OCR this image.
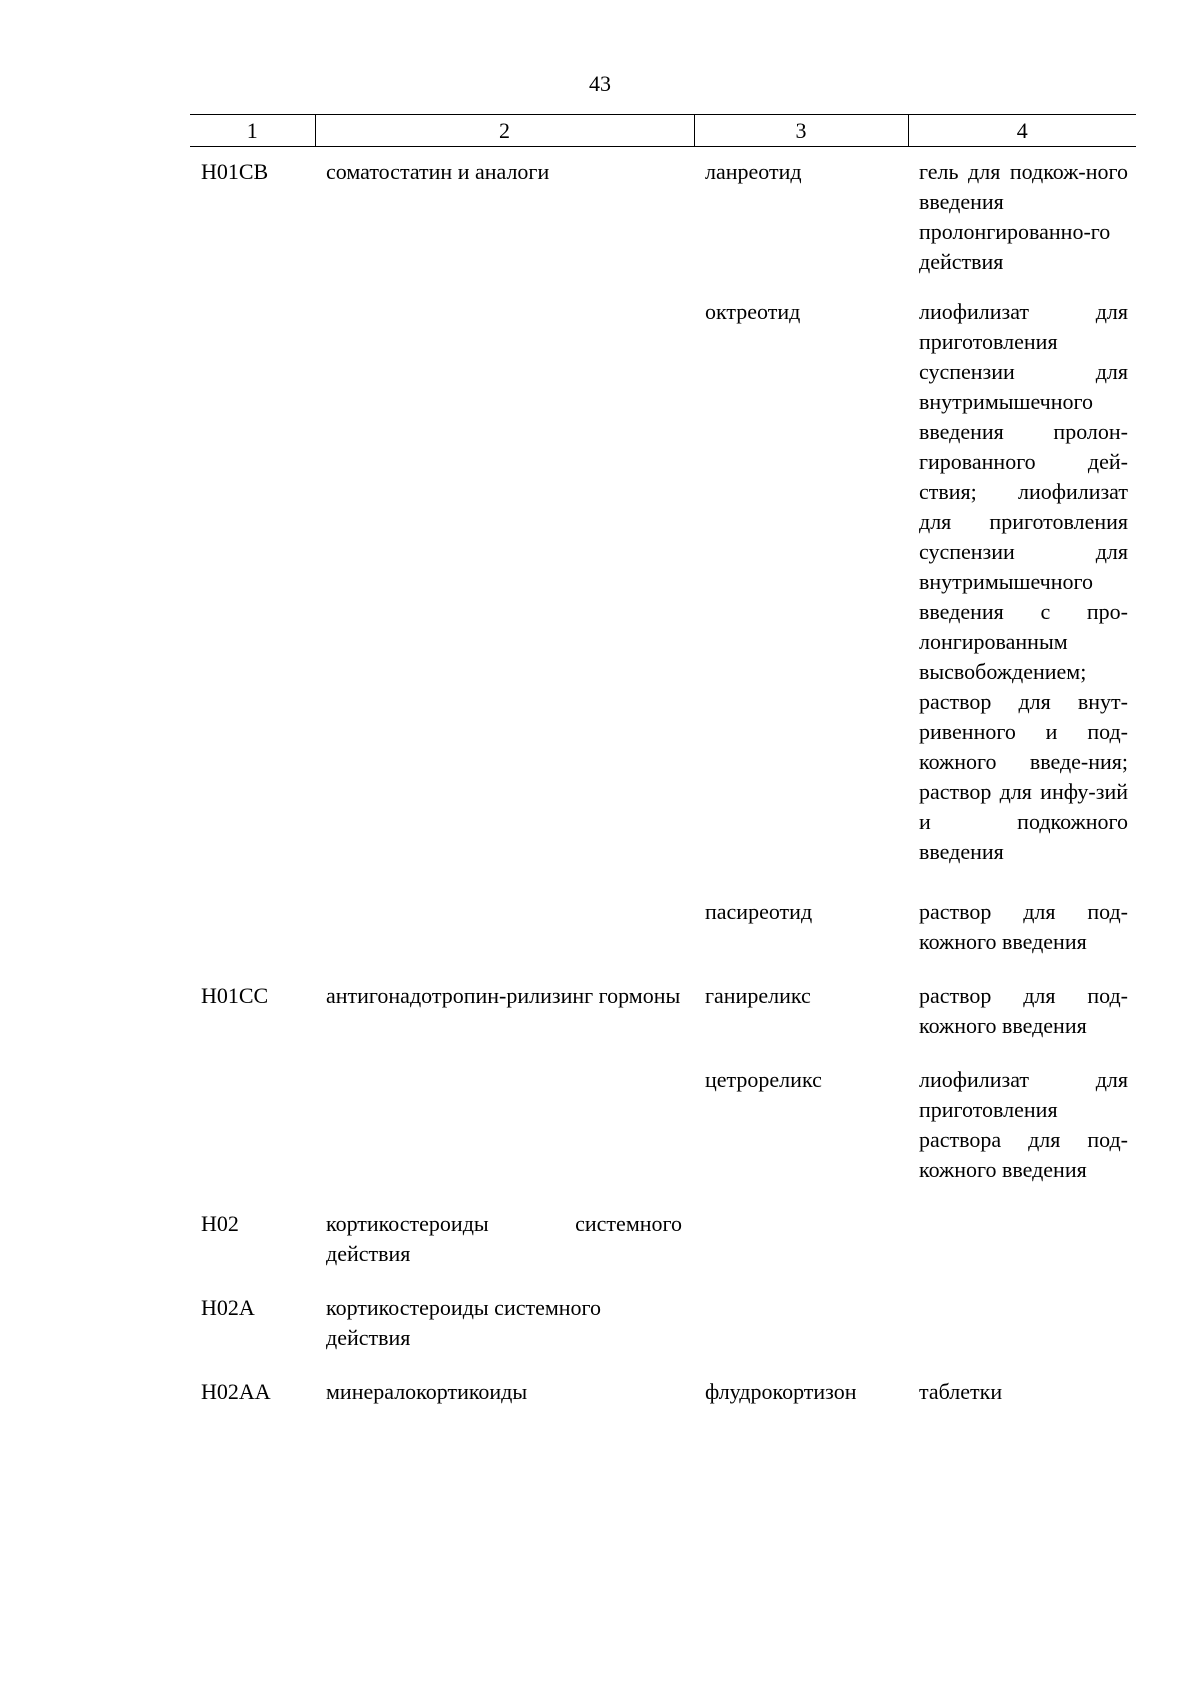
43
1	2	3	4
H01CB	соматостатин и аналоги	ланреотид	гель для подкож-ного введения пролонгированно-го действия
		октреотид	лиофилизат для приготовления суспензии для внутримышечного введения пролон-гированного дей-ствия; лиофилизат для приготовления суспензии для внутримышечного введения с про-лонгированным высвобождением; раствор для внут-ривенного и под-кожного введе-ния; раствор для инфу-зий и подкожного введения
		пасиреотид	раствор для под-кожного введения
H01CC	антигонадотропин-рилизинг гормоны	ганиреликс	раствор для под-кожного введения
		цетрореликс	лиофилизат для приготовления раствора для под-кожного введения
H02	кортикостероиды системного действия		
H02A	кортикостероиды системного действия		
H02AA	минералокортикоиды	флудрокортизон	таблетки
